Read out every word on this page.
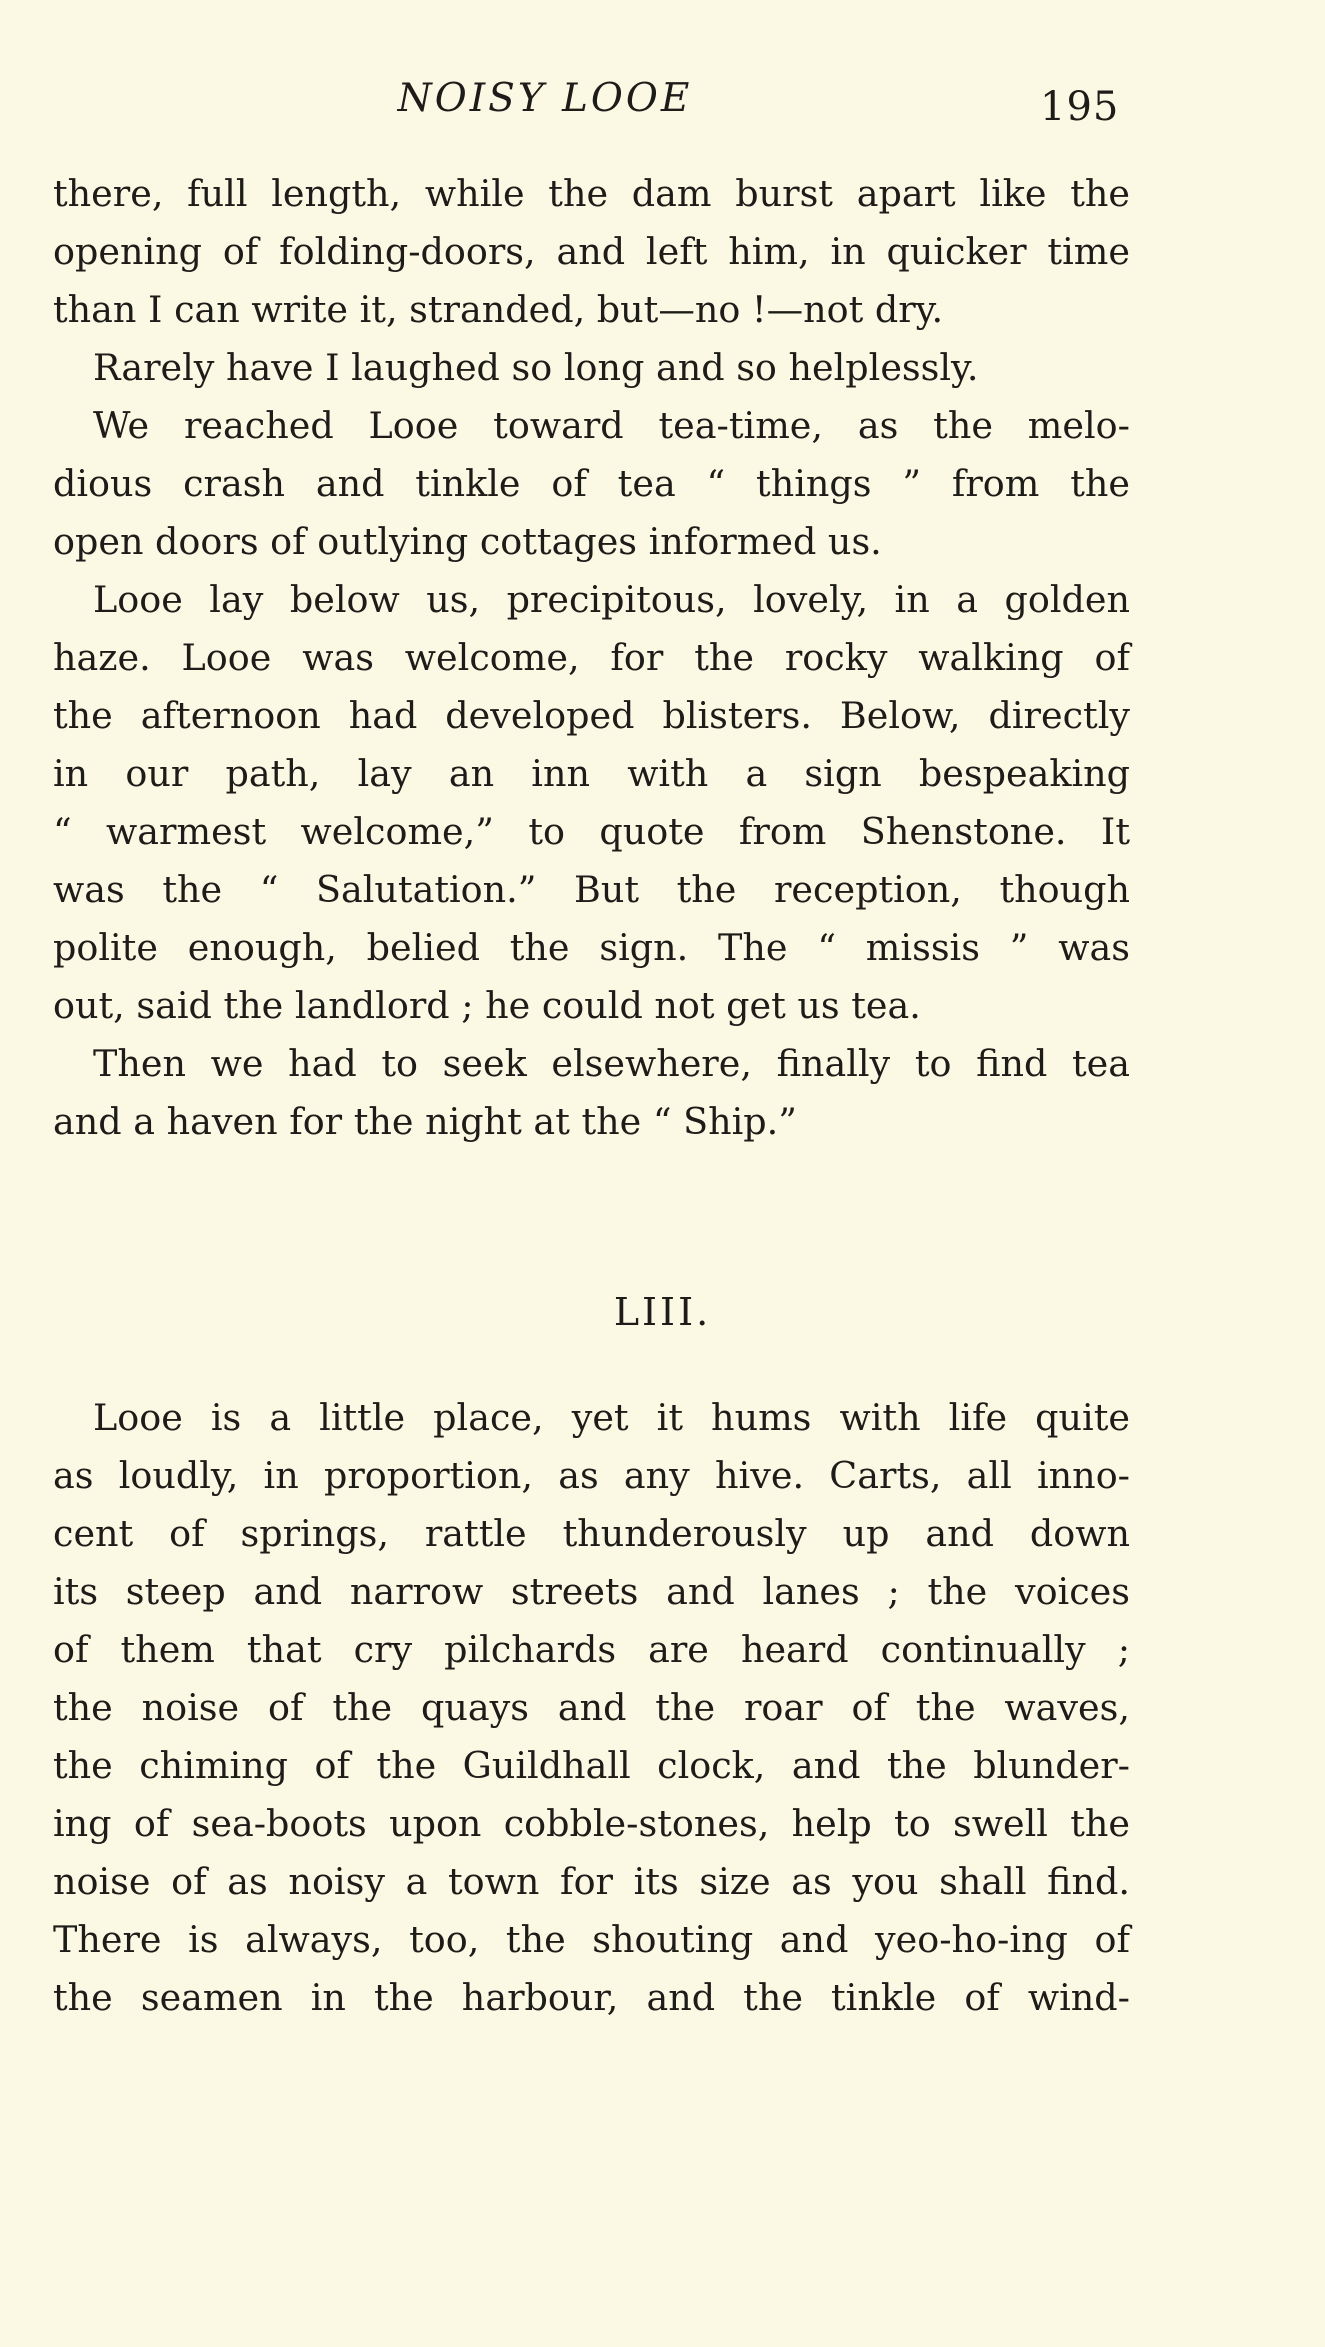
NOISY LOOE	195
there, full length, while the dam burst apart like the
opening of folding-doors, and left him, in quicker time
than I can write it, stranded, but—no !—not dry.
Rarely have I laughed so long and so helplessly.
We reached Looe toward tea-time, as the melo-
dious crash and tinkle of tea “ things ” from the
open doors of outlying cottages informed us.
Looe lay below us, precipitous, lovely, in a golden
haze. Looe was welcome, for the rocky walking of
the afternoon had developed blisters. Below, directly
in our path, lay an inn with a sign bespeaking
“ warmest welcome,” to quote from Shenstone. It
was the “ Salutation.” But the reception, though
polite enough, belied the sign. The “ missis ” was
out, said the landlord ; he could not get us tea.
Then we had to seek elsewhere, finally to find tea
and a haven for the night at the “ Ship.”
LIII.
Looe is a little place, yet it hums with life quite
as loudly, in proportion, as any hive. Carts, all inno-
cent of springs, rattle thunderously up and down
its steep and narrow streets and lanes ; the voices
of them that cry pilchards are heard continually ;
the noise of the quays and the roar of the waves,
the chiming of the Guildhall clock, and the blunder-
ing of sea-boots upon cobble-stones, help to swell the
noise of as noisy a town for its size as you shall find.
There is always, too, the shouting and yeo-ho-ing of
the seamen in the harbour, and the tinkle of wind-
